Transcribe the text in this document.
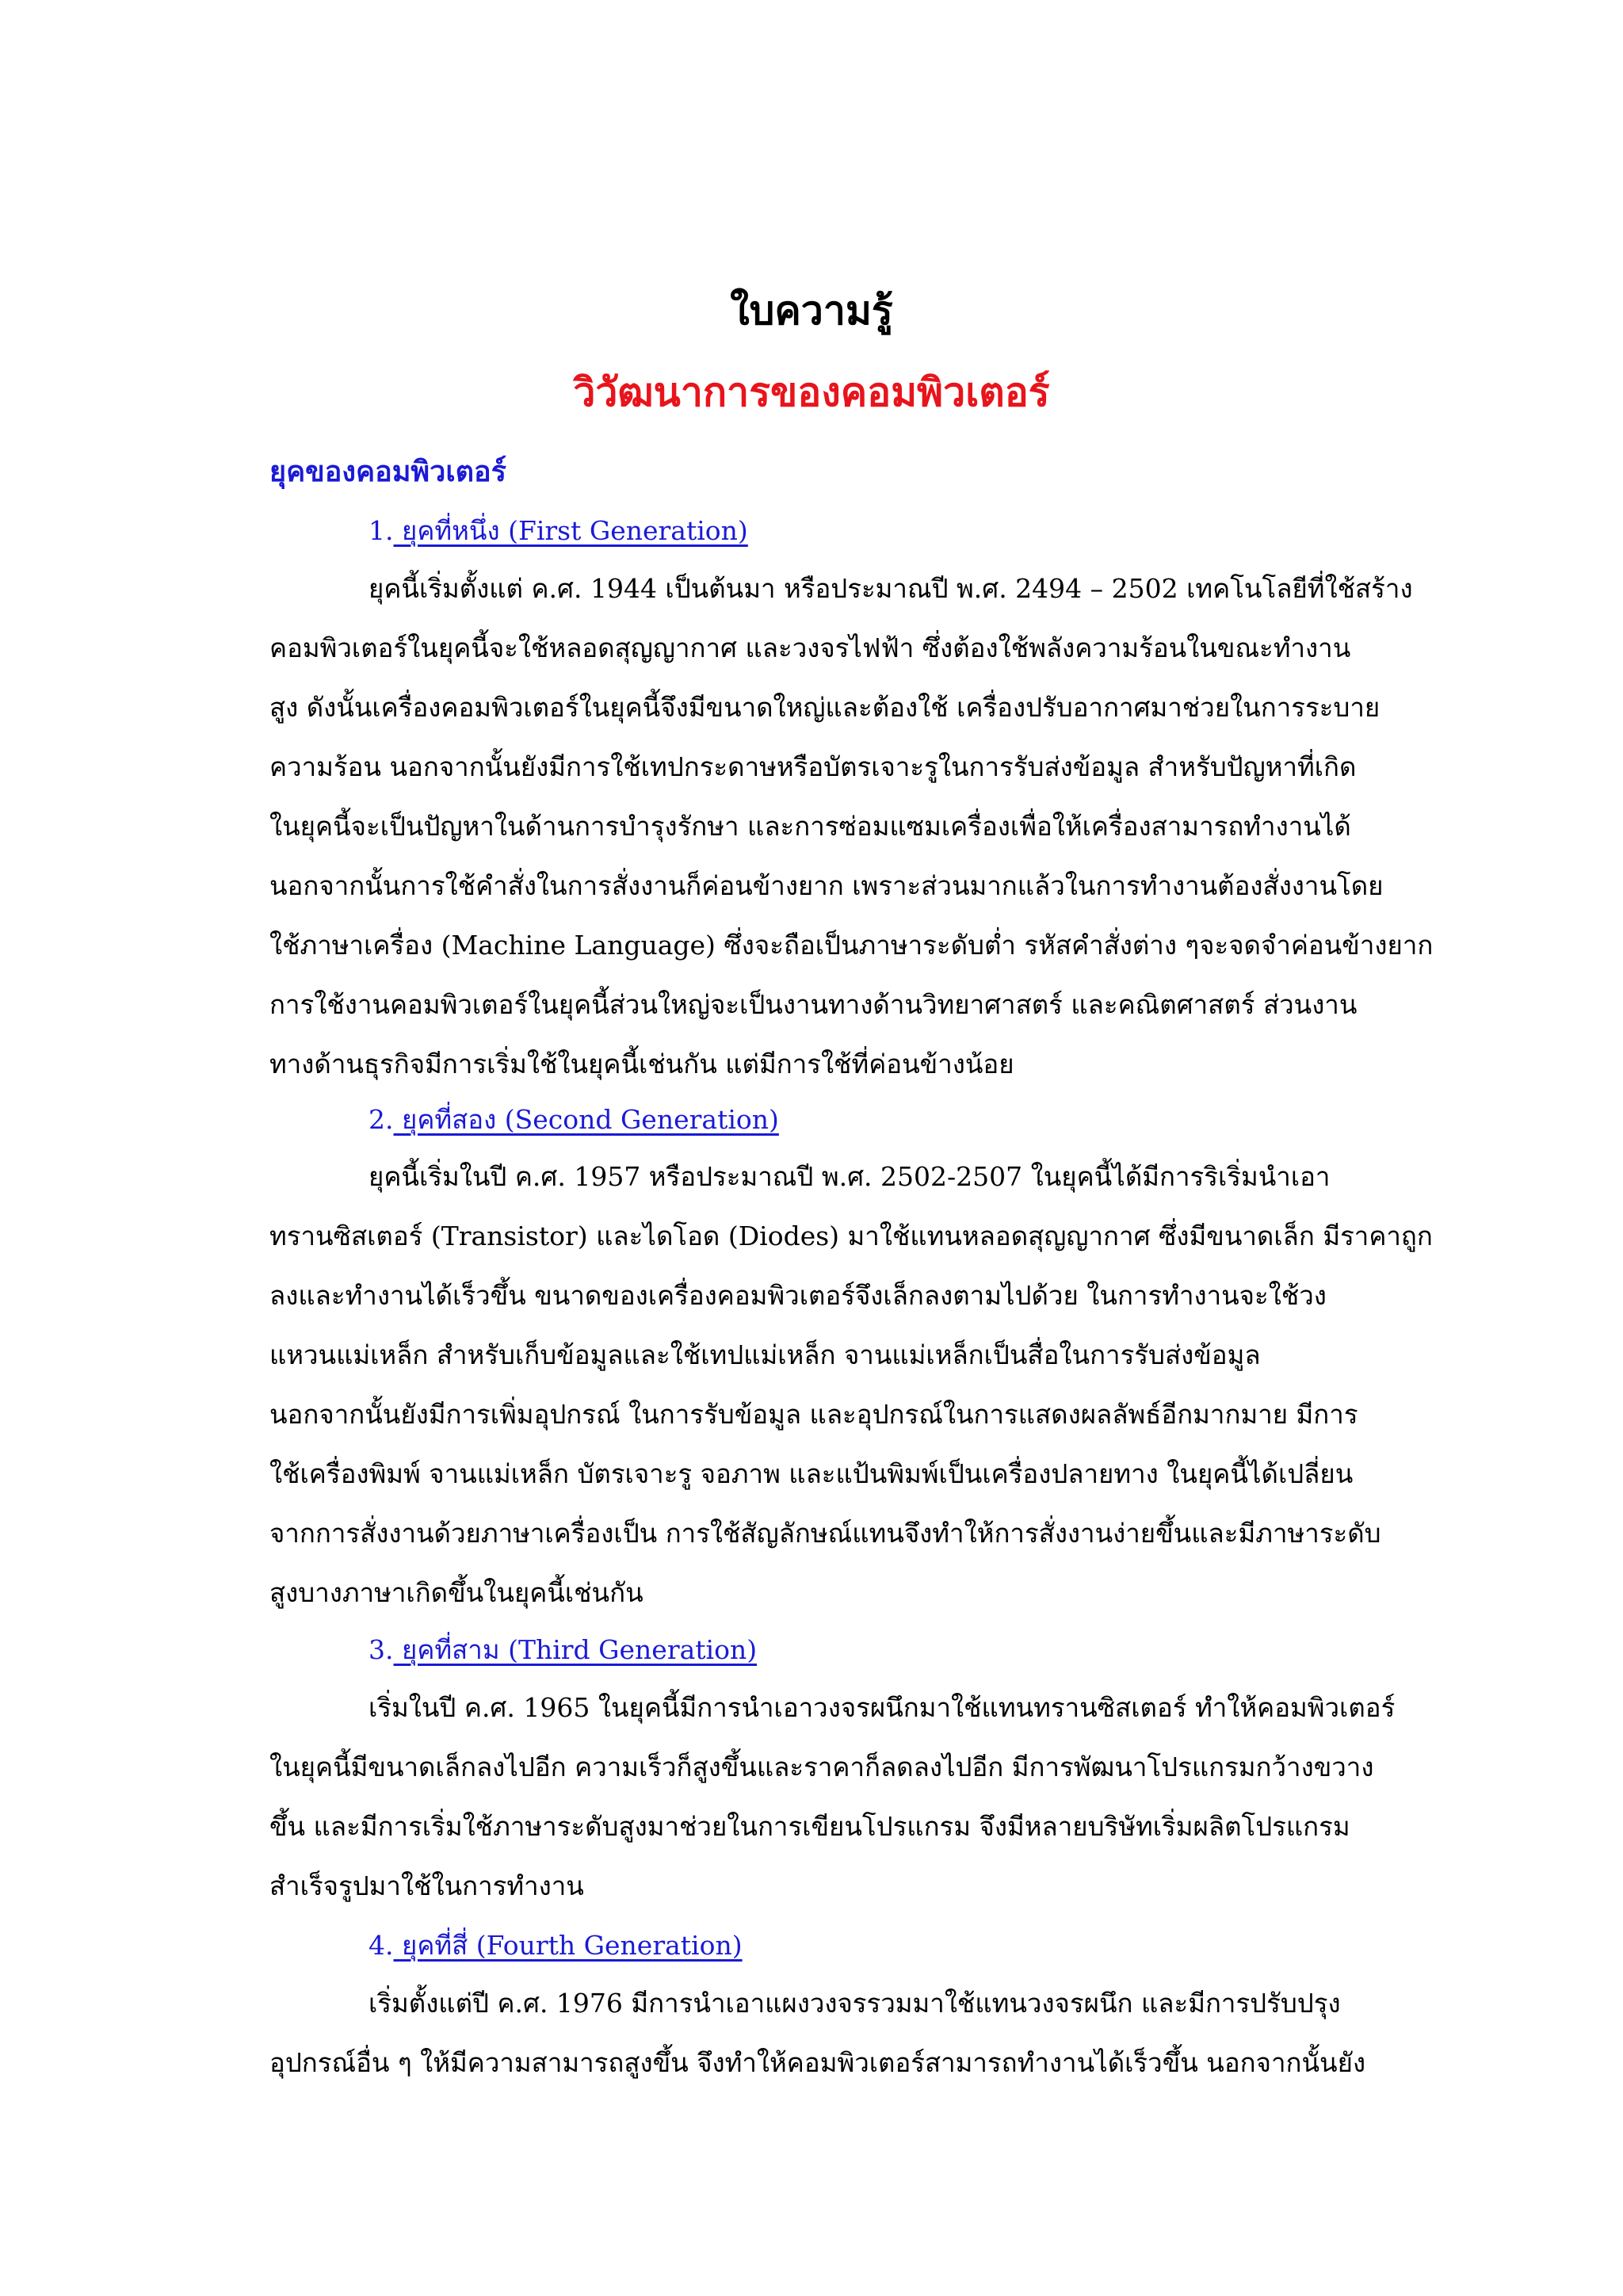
ใบความรู้
วิวัฒนาการของคอมพิวเตอร์
ยุคของคอมพิวเตอร์
1. ยุคที่หนึ่ง (First Generation)
ยุคนี้เริ่มตั้งแต่ ค.ศ. 1944 เป็นต้นมา หรือประมาณปี พ.ศ. 2494 – 2502 เทคโนโลยีที่ใช้สร้าง
คอมพิวเตอร์ในยุคนี้จะใช้หลอดสุญญากาศ และวงจรไฟฟ้า ซึ่งต้องใช้พลังความร้อนในขณะทำงาน
สูง ดังนั้นเครื่องคอมพิวเตอร์ในยุคนี้จึงมีขนาดใหญ่และต้องใช้ เครื่องปรับอากาศมาช่วยในการระบาย
ความร้อน นอกจากนั้นยังมีการใช้เทปกระดาษหรือบัตรเจาะรูในการรับส่งข้อมูล สำหรับปัญหาที่เกิด
ในยุคนี้จะเป็นปัญหาในด้านการบำรุงรักษา และการซ่อมแซมเครื่องเพื่อให้เครื่องสามารถทำงานได้
นอกจากนั้นการใช้คำสั่งในการสั่งงานก็ค่อนข้างยาก เพราะส่วนมากแล้วในการทำงานต้องสั่งงานโดย
ใช้ภาษาเครื่อง (Machine Language) ซึ่งจะถือเป็นภาษาระดับต่ำ รหัสคำสั่งต่าง ๆจะจดจำค่อนข้างยาก
การใช้งานคอมพิวเตอร์ในยุคนี้ส่วนใหญ่จะเป็นงานทางด้านวิทยาศาสตร์ และคณิตศาสตร์ ส่วนงาน
ทางด้านธุรกิจมีการเริ่มใช้ในยุคนี้เช่นกัน แต่มีการใช้ที่ค่อนข้างน้อย
2. ยุคที่สอง (Second Generation)
ยุคนี้เริ่มในปี ค.ศ. 1957 หรือประมาณปี พ.ศ. 2502-2507 ในยุคนี้ได้มีการริเริ่มนำเอา
ทรานซิสเตอร์ (Transistor) และไดโอด (Diodes) มาใช้แทนหลอดสุญญากาศ ซึ่งมีขนาดเล็ก มีราคาถูก
ลงและทำงานได้เร็วขึ้น ขนาดของเครื่องคอมพิวเตอร์จึงเล็กลงตามไปด้วย ในการทำงานจะใช้วง
แหวนแม่เหล็ก สำหรับเก็บข้อมูลและใช้เทปแม่เหล็ก จานแม่เหล็กเป็นสื่อในการรับส่งข้อมูล
นอกจากนั้นยังมีการเพิ่มอุปกรณ์ ในการรับข้อมูล และอุปกรณ์ในการแสดงผลลัพธ์อีกมากมาย มีการ
ใช้เครื่องพิมพ์ จานแม่เหล็ก บัตรเจาะรู จอภาพ และแป้นพิมพ์เป็นเครื่องปลายทาง ในยุคนี้ได้เปลี่ยน
จากการสั่งงานด้วยภาษาเครื่องเป็น การใช้สัญลักษณ์แทนจึงทำให้การสั่งงานง่ายขึ้นและมีภาษาระดับ
สูงบางภาษาเกิดขึ้นในยุคนี้เช่นกัน
3. ยุคที่สาม (Third Generation)
เริ่มในปี ค.ศ. 1965 ในยุคนี้มีการนำเอาวงจรผนึกมาใช้แทนทรานซิสเตอร์ ทำให้คอมพิวเตอร์
ในยุคนี้มีขนาดเล็กลงไปอีก ความเร็วก็สูงขึ้นและราคาก็ลดลงไปอีก มีการพัฒนาโปรแกรมกว้างขวาง
ขึ้น และมีการเริ่มใช้ภาษาระดับสูงมาช่วยในการเขียนโปรแกรม จึงมีหลายบริษัทเริ่มผลิตโปรแกรม
สำเร็จรูปมาใช้ในการทำงาน
4. ยุคที่สี่ (Fourth Generation)
เริ่มตั้งแต่ปี ค.ศ. 1976 มีการนำเอาแผงวงจรรวมมาใช้แทนวงจรผนึก และมีการปรับปรุง
อุปกรณ์อื่น ๆ ให้มีความสามารถสูงขึ้น จึงทำให้คอมพิวเตอร์สามารถทำงานได้เร็วขึ้น นอกจากนั้นยัง
